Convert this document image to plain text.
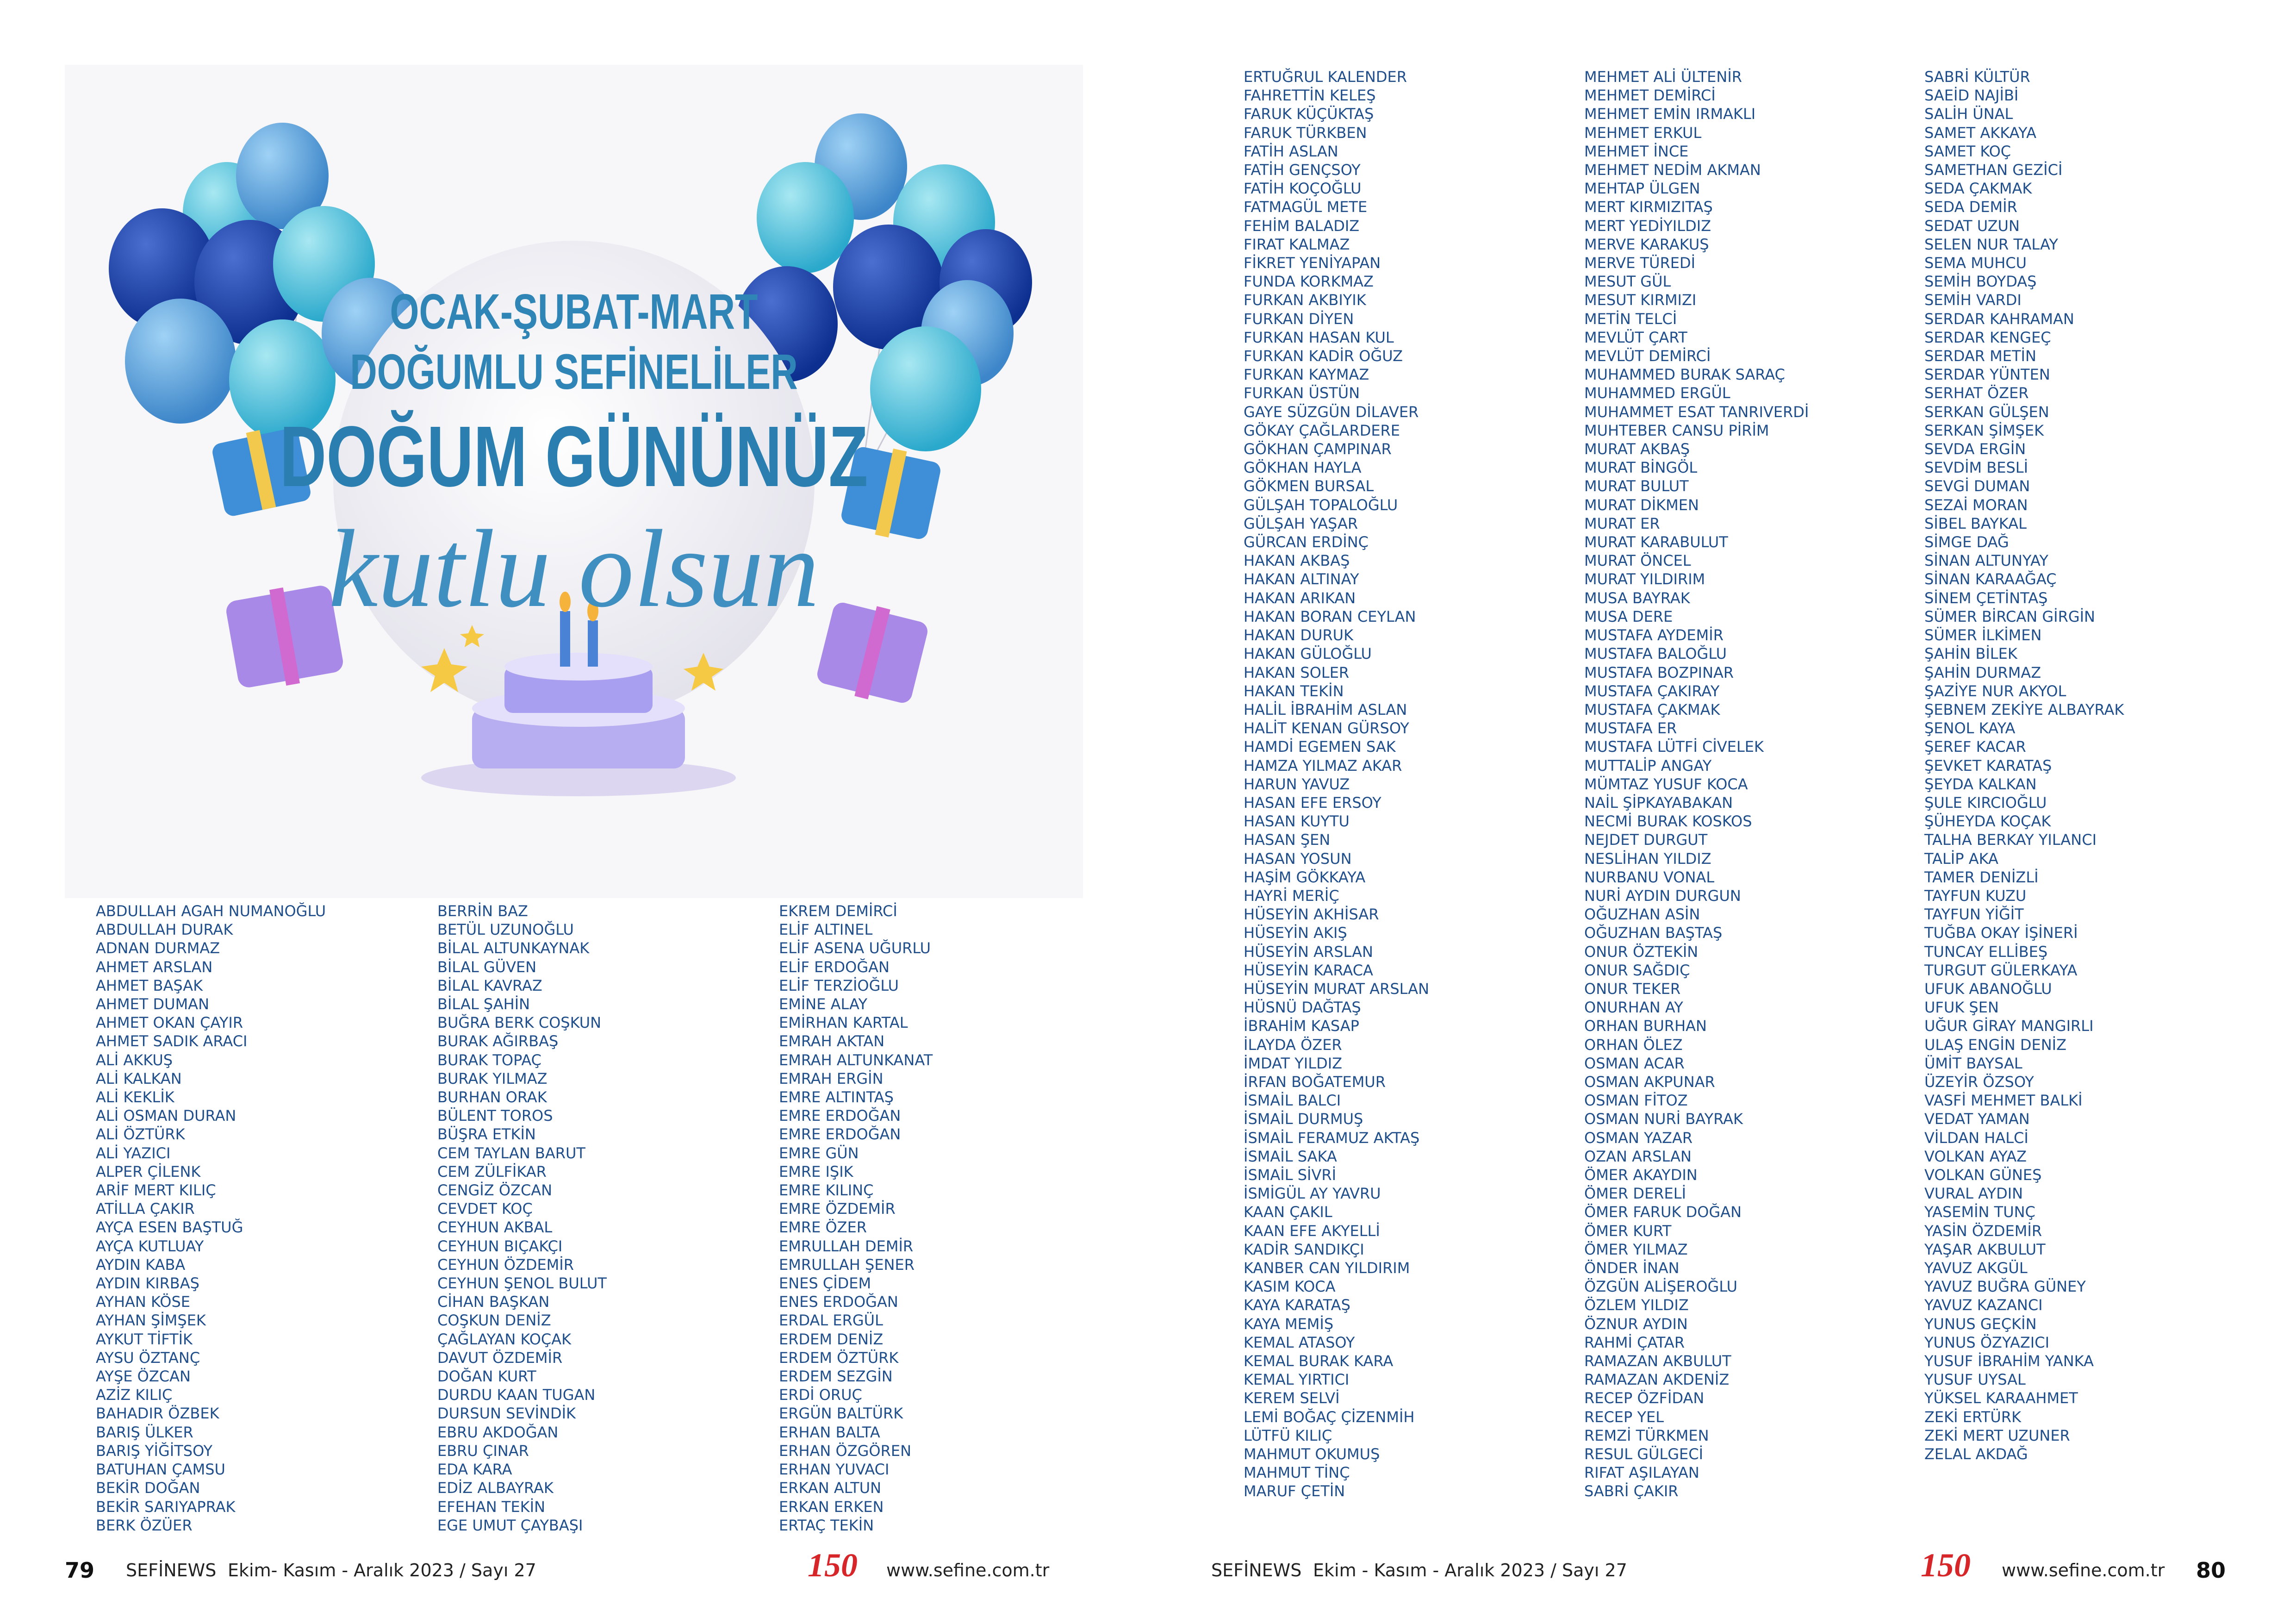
OCAK-ŞUBAT-MART
DOĞUMLU SEFİNELİLER
DOĞUM GÜNÜNÜZ
kutlu olsun
ABDULLAH AGAH NUMANOĞLU
ABDULLAH DURAK
ADNAN DURMAZ
AHMET ARSLAN
AHMET BAŞAK
AHMET DUMAN
AHMET OKAN ÇAYIR
AHMET SADIK ARACI
ALİ AKKUŞ
ALİ KALKAN
ALİ KEKLİK
ALİ OSMAN DURAN
ALİ ÖZTÜRK
ALİ YAZICI
ALPER ÇİLENK
ARİF MERT KILIÇ
ATİLLA ÇAKIR
AYÇA ESEN BAŞTUĞ
AYÇA KUTLUAY
AYDIN KABA
AYDIN KIRBAŞ
AYHAN KÖSE
AYHAN ŞİMŞEK
AYKUT TİFTİK
AYSU ÖZTANÇ
AYŞE ÖZCAN
AZİZ KILIÇ
BAHADIR ÖZBEK
BARIŞ ÜLKER
BARIŞ YİĞİTSOY
BATUHAN ÇAMSU
BEKİR DOĞAN
BEKİR SARIYAPRAK
BERK ÖZÜER
BERRİN BAZ
BETÜL UZUNOĞLU
BİLAL ALTUNKAYNAK
BİLAL GÜVEN
BİLAL KAVRAZ
BİLAL ŞAHİN
BUĞRA BERK COŞKUN
BURAK AĞIRBAŞ
BURAK TOPAÇ
BURAK YILMAZ
BURHAN ORAK
BÜLENT TOROS
BÜŞRA ETKİN
CEM TAYLAN BARUT
CEM ZÜLFİKAR
CENGİZ ÖZCAN
CEVDET KOÇ
CEYHUN AKBAL
CEYHUN BIÇAKÇI
CEYHUN ÖZDEMİR
CEYHUN ŞENOL BULUT
CİHAN BAŞKAN
COŞKUN DENİZ
ÇAĞLAYAN KOÇAK
DAVUT ÖZDEMİR
DOĞAN KURT
DURDU KAAN TUGAN
DURSUN SEVİNDİK
EBRU AKDOĞAN
EBRU ÇINAR
EDA KARA
EDİZ ALBAYRAK
EFEHAN TEKİN
EGE UMUT ÇAYBAŞI
EKREM DEMİRCİ
ELİF ALTINEL
ELİF ASENA UĞURLU
ELİF ERDOĞAN
ELİF TERZİOĞLU
EMİNE ALAY
EMİRHAN KARTAL
EMRAH AKTAN
EMRAH ALTUNKANAT
EMRAH ERGİN
EMRE ALTINTAŞ
EMRE ERDOĞAN
EMRE ERDOĞAN
EMRE GÜN
EMRE IŞIK
EMRE KILINÇ
EMRE ÖZDEMİR
EMRE ÖZER
EMRULLAH DEMİR
EMRULLAH ŞENER
ENES ÇİDEM
ENES ERDOĞAN
ERDAL ERGÜL
ERDEM DENİZ
ERDEM ÖZTÜRK
ERDEM SEZGİN
ERDİ ORUÇ
ERGÜN BALTÜRK
ERHAN BALTA
ERHAN ÖZGÖREN
ERHAN YUVACI
ERKAN ALTUN
ERKAN ERKEN
ERTAÇ TEKİN
ERTUĞRUL KALENDER
FAHRETTİN KELEŞ
FARUK KÜÇÜKTAŞ
FARUK TÜRKBEN
FATİH ASLAN
FATİH GENÇSOY
FATİH KOÇOĞLU
FATMAGÜL METE
FEHİM BALADIZ
FIRAT KALMAZ
FİKRET YENİYAPAN
FUNDA KORKMAZ
FURKAN AKBIYIK
FURKAN DİYEN
FURKAN HASAN KUL
FURKAN KADİR OĞUZ
FURKAN KAYMAZ
FURKAN ÜSTÜN
GAYE SÜZGÜN DİLAVER
GÖKAY ÇAĞLARDERE
GÖKHAN ÇAMPINAR
GÖKHAN HAYLA
GÖKMEN BURSAL
GÜLŞAH TOPALOĞLU
GÜLŞAH YAŞAR
GÜRCAN ERDİNÇ
HAKAN AKBAŞ
HAKAN ALTINAY
HAKAN ARIKAN
HAKAN BORAN CEYLAN
HAKAN DURUK
HAKAN GÜLOĞLU
HAKAN SOLER
HAKAN TEKİN
HALİL İBRAHİM ASLAN
HALİT KENAN GÜRSOY
HAMDİ EGEMEN SAK
HAMZA YILMAZ AKAR
HARUN YAVUZ
HASAN EFE ERSOY
HASAN KUYTU
HASAN ŞEN
HASAN YOSUN
HAŞİM GÖKKAYA
HAYRİ MERİÇ
HÜSEYİN AKHİSAR
HÜSEYİN AKIŞ
HÜSEYİN ARSLAN
HÜSEYİN KARACA
HÜSEYİN MURAT ARSLAN
HÜSNÜ DAĞTAŞ
İBRAHİM KASAP
İLAYDA ÖZER
İMDAT YILDIZ
İRFAN BOĞATEMUR
İSMAİL BALCI
İSMAİL DURMUŞ
İSMAİL FERAMUZ AKTAŞ
İSMAİL SAKA
İSMAİL SİVRİ
İSMİGÜL AY YAVRU
KAAN ÇAKIL
KAAN EFE AKYELLİ
KADİR SANDIKÇI
KANBER CAN YILDIRIM
KASIM KOCA
KAYA KARATAŞ
KAYA MEMİŞ
KEMAL ATASOY
KEMAL BURAK KARA
KEMAL YIRTICI
KEREM SELVİ
LEMİ BOĞAÇ ÇİZENMİH
LÜTFÜ KILIÇ
MAHMUT OKUMUŞ
MAHMUT TİNÇ
MARUF ÇETİN
MEHMET ALİ ÜLTENİR
MEHMET DEMİRCİ
MEHMET EMİN IRMAKLI
MEHMET ERKUL
MEHMET İNCE
MEHMET NEDİM AKMAN
MEHTAP ÜLGEN
MERT KIRMIZITAŞ
MERT YEDİYILDIZ
MERVE KARAKUŞ
MERVE TÜREDİ
MESUT GÜL
MESUT KIRMIZI
METİN TELCİ
MEVLÜT ÇART
MEVLÜT DEMİRCİ
MUHAMMED BURAK SARAÇ
MUHAMMED ERGÜL
MUHAMMET ESAT TANRIVERDİ
MUHTEBER CANSU PİRİM
MURAT AKBAŞ
MURAT BİNGÖL
MURAT BULUT
MURAT DİKMEN
MURAT ER
MURAT KARABULUT
MURAT ÖNCEL
MURAT YILDIRIM
MUSA BAYRAK
MUSA DERE
MUSTAFA AYDEMİR
MUSTAFA BALOĞLU
MUSTAFA BOZPINAR
MUSTAFA ÇAKIRAY
MUSTAFA ÇAKMAK
MUSTAFA ER
MUSTAFA LÜTFİ CİVELEK
MUTTALİP ANGAY
MÜMTAZ YUSUF KOCA
NAİL ŞİPKAYABAKAN
NECMİ BURAK KOSKOS
NEJDET DURGUT
NESLİHAN YILDIZ
NURBANU VONAL
NURİ AYDIN DURGUN
OĞUZHAN ASİN
OĞUZHAN BAŞTAŞ
ONUR ÖZTEKİN
ONUR SAĞDIÇ
ONUR TEKER
ONURHAN AY
ORHAN BURHAN
ORHAN ÖLEZ
OSMAN ACAR
OSMAN AKPUNAR
OSMAN FİTOZ
OSMAN NURİ BAYRAK
OSMAN YAZAR
OZAN ARSLAN
ÖMER AKAYDIN
ÖMER DERELİ
ÖMER FARUK DOĞAN
ÖMER KURT
ÖMER YILMAZ
ÖNDER İNAN
ÖZGÜN ALİŞEROĞLU
ÖZLEM YILDIZ
ÖZNUR AYDIN
RAHMİ ÇATAR
RAMAZAN AKBULUT
RAMAZAN AKDENİZ
RECEP ÖZFİDAN
RECEP YEL
REMZİ TÜRKMEN
RESUL GÜLGECİ
RIFAT AŞILAYAN
SABRİ ÇAKIR
SABRİ KÜLTÜR
SAEİD NAJİBİ
SALİH ÜNAL
SAMET AKKAYA
SAMET KOÇ
SAMETHAN GEZİCİ
SEDA ÇAKMAK
SEDA DEMİR
SEDAT UZUN
SELEN NUR TALAY
SEMA MUHCU
SEMİH BOYDAŞ
SEMİH VARDI
SERDAR KAHRAMAN
SERDAR KENGEÇ
SERDAR METİN
SERDAR YÜNTEN
SERHAT ÖZER
SERKAN GÜLŞEN
SERKAN ŞİMŞEK
SEVDA ERGİN
SEVDİM BESLİ
SEVGİ DUMAN
SEZAİ MORAN
SİBEL BAYKAL
SİMGE DAĞ
SİNAN ALTUNYAY
SİNAN KARAAĞAÇ
SİNEM ÇETİNTAŞ
SÜMER BİRCAN GİRGİN
SÜMER İLKİMEN
ŞAHİN BİLEK
ŞAHİN DURMAZ
ŞAZİYE NUR AKYOL
ŞEBNEM ZEKİYE ALBAYRAK
ŞENOL KAYA
ŞEREF KACAR
ŞEVKET KARATAŞ
ŞEYDA KALKAN
ŞULE KIRCIOĞLU
ŞÜHEYDA KOÇAK
TALHA BERKAY YILANCI
TALİP AKA
TAMER DENİZLİ
TAYFUN KUZU
TAYFUN YİĞİT
TUĞBA OKAY İŞİNERİ
TUNCAY ELLİBEŞ
TURGUT GÜLERKAYA
UFUK ABANOĞLU
UFUK ŞEN
UĞUR GİRAY MANGIRLI
ULAŞ ENGİN DENİZ
ÜMİT BAYSAL
ÜZEYİR ÖZSOY
VASFİ MEHMET BALKİ
VEDAT YAMAN
VİLDAN HALCİ
VOLKAN AYAZ
VOLKAN GÜNEŞ
VURAL AYDIN
YASEMİN TUNÇ
YASİN ÖZDEMİR
YAŞAR AKBULUT
YAVUZ AKGÜL
YAVUZ BUĞRA GÜNEY
YAVUZ KAZANCI
YUNUS GEÇKİN
YUNUS ÖZYAZICI
YUSUF İBRAHİM YANKA
YUSUF UYSAL
YÜKSEL KARAAHMET
ZEKİ ERTÜRK
ZEKİ MERT UZUNER
ZELAL AKDAĞ
79 SEFİNEWS Ekim- Kasım - Aralık 2023 / Sayı 27	150 www.sefine.com.tr	SEFİNEWS Ekim - Kasım - Aralık 2023 / Sayı 27	150 www.sefine.com.tr 80
